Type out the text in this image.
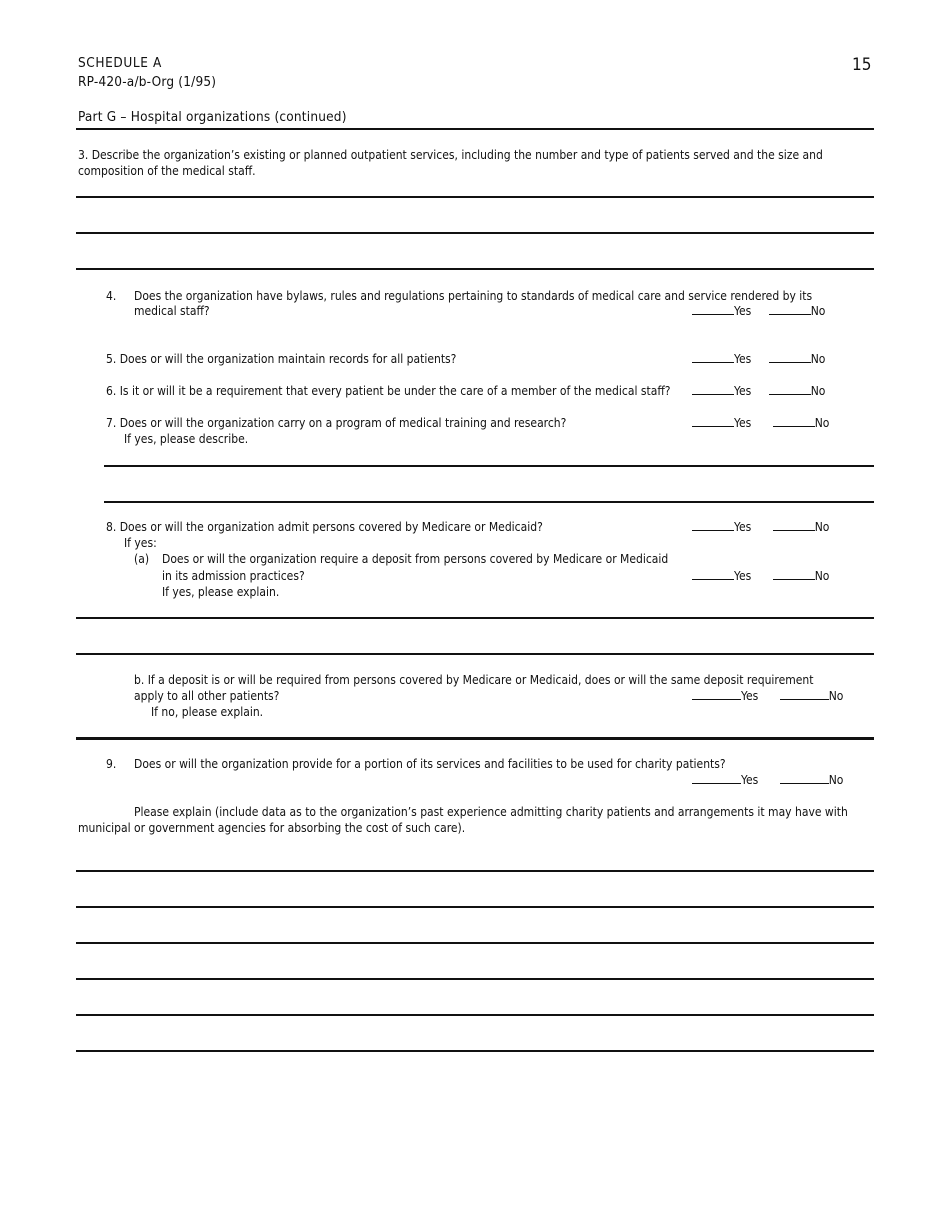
SCHEDULE A
RP-420-a/b-Org (1/95)
15
Part G – Hospital organizations (continued)
3. Describe the organization’s existing or planned outpatient services, including the number and type of patients served and the size and
composition of the medical staff.
4. Does the organization have bylaws, rules and regulations pertaining to standards of medical care and service rendered by its
medical staff?	Yes	No
5. Does or will the organization maintain records for all patients?	Yes	No
6. Is it or will it be a requirement that every patient be under the care of a member of the medical staff?	Yes	No
7. Does or will the organization carry on a program of medical training and research?
If yes, please describe.
Yes	No
8. Does or will the organization admit persons covered by Medicare or Medicaid?	Yes	No
If yes:
(a) Does or will the organization require a deposit from persons covered by Medicare or Medicaid
in its admission practices?
If yes, please explain.
Yes	No
b. If a deposit is or will be required from persons covered by Medicare or Medicaid, does or will the same deposit requirement
apply to all other patients?
If no, please explain.
Yes	No
9. Does or will the organization provide for a portion of its services and facilities to be used for charity patients?
Yes	No
Please explain (include data as to the organization’s past experience admitting charity patients and arrangements it may have with
municipal or government agencies for absorbing the cost of such care).
